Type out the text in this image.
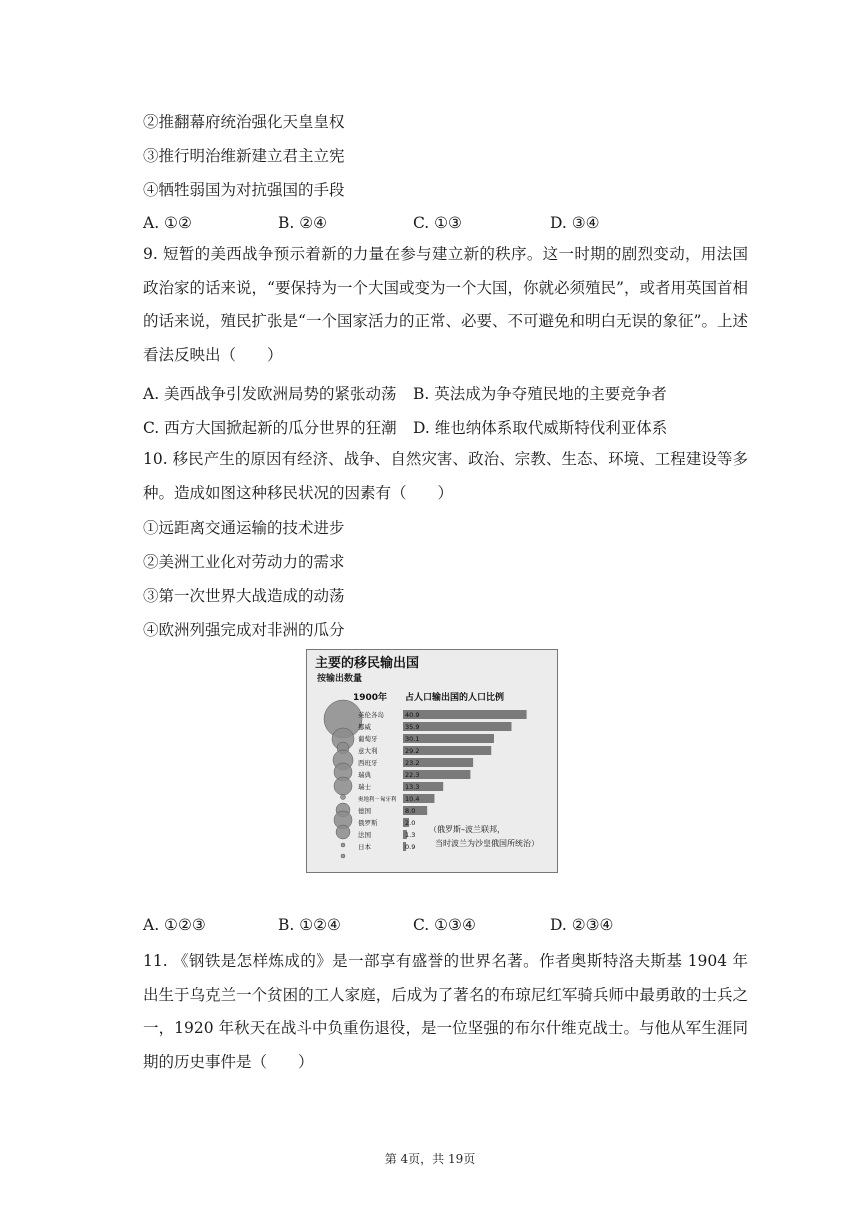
②推翻幕府统治强化天皇皇权
③推行明治维新建立君主立宪
④牺牲弱国为对抗强国的手段
A. ①②	B. ②④	C. ①③	D. ③④
9. 短暂的美西战争预示着新的力量在参与建立新的秩序。这一时期的剧烈变动，用法国政治家的话来说，“要保持为一个大国或变为一个大国，你就必须殖民”，或者用英国首相的话来说，殖民扩张是“一个国家活力的正常、必要、不可避免和明白无误的象征”。上述看法反映出（　　）
A. 美西战争引发欧洲局势的紧张动荡 B. 英法成为争夺殖民地的主要竞争者
C. 西方大国掀起新的瓜分世界的狂潮 D. 维也纳体系取代威斯特伐利亚体系
10. 移民产生的原因有经济、战争、自然灾害、政治、宗教、生态、环境、工程建设等多种。造成如图这种移民状况的因素有（　　）
①远距离交通运输的技术进步
②美洲工业化对劳动力的需求
③第一次世界大战造成的动荡
④欧洲列强完成对非洲的瓜分
主要的移民输出国
按输出数量
1900年 占人口输出国的人口比例
英伦各岛	40.9
挪威	35.9
葡萄牙	30.1
意大利	29.2
西班牙	23.2
瑞典	22.3
瑞士	13.3
奥地利－匈牙利 10.4
德国	8.0
俄罗斯	2.0
法国	1.3
日本	0.9
（俄罗斯–波兰联邦，
当时波兰为沙皇俄国所统治）
A. ①②③	B. ①②④	C. ①③④	D. ②③④
11. 《钢铁是怎样炼成的》是一部享有盛誉的世界名著。作者奥斯特洛夫斯基 1904 年出生于乌克兰一个贫困的工人家庭，后成为了著名的布琼尼红军骑兵师中最勇敢的士兵之一，1920 年秋天在战斗中负重伤退役，是一位坚强的布尔什维克战士。与他从军生涯同期的历史事件是（　　）
第 4页，共 19页
